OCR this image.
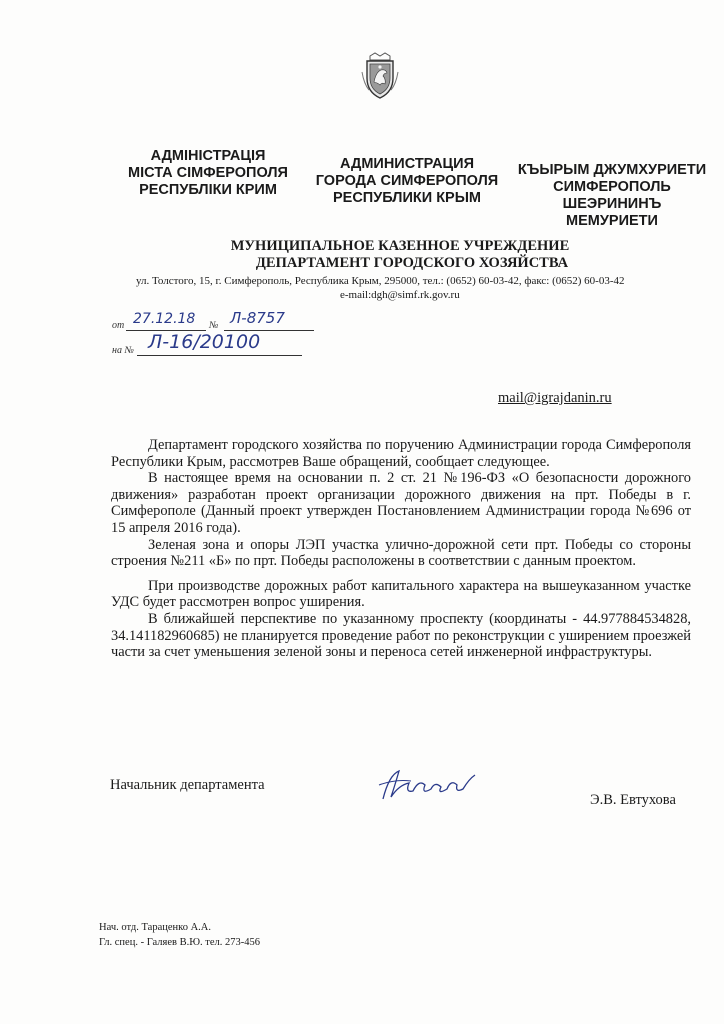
АДМІНІСТРАЦІЯ
МІСТА СІМФЕРОПОЛЯ
РЕСПУБЛІКИ КРИМ
АДМИНИСТРАЦИЯ
ГОРОДА СИМФЕРОПОЛЯ
РЕСПУБЛИКИ КРЫМ
КЪЫРЫМ ДЖУМХУРИЕТИ
СИМФЕРОПОЛЬ
ШЕЭРИНИНЪ
МЕМУРИЕТИ
МУНИЦИПАЛЬНОЕ КАЗЕННОЕ УЧРЕЖДЕНИЕ
ДЕПАРТАМЕНТ ГОРОДСКОГО ХОЗЯЙСТВА
ул. Толстого, 15, г. Симферополь, Республика Крым, 295000, тел.: (0652) 60-03-42, факс: (0652) 60-03-42
e-mail:dgh@simf.rk.gov.ru
от 27.12.18 № Л-8757
на № Л-16/20100
mail@igrajdanin.ru

Департамент городского хозяйства по поручению Администрации города Симферополя Республики Крым, рассмотрев Ваше обращений, сообщает следующее.

В настоящее время на основании п. 2 ст. 21 №196-ФЗ «О безопасности дорожного движения» разработан проект организации дорожного движения на прт. Победы в г. Симферополе (Данный проект утвержден Постановлением Администрации города №696 от 15 апреля 2016 года).

Зеленая зона и опоры ЛЭП участка улично-дорожной сети прт. Победы со стороны строения №211 «Б» по прт. Победы расположены в соответствии с данным проектом.

При производстве дорожных работ капитального характера на вышеуказанном участке УДС будет рассмотрен вопрос уширения.

В ближайшей перспективе по указанному проспекту (координаты - 44.977884534828, 34.141182960685) не планируется проведение работ по реконструкции с уширением проезжей части за счет уменьшения зеленой зоны и переноса сетей инженерной инфраструктуры.

Начальник департамента
Э.В. Евтухова
Нач. отд. Тараценко А.А.
Гл. спец. - Галяев В.Ю. тел. 273-456
